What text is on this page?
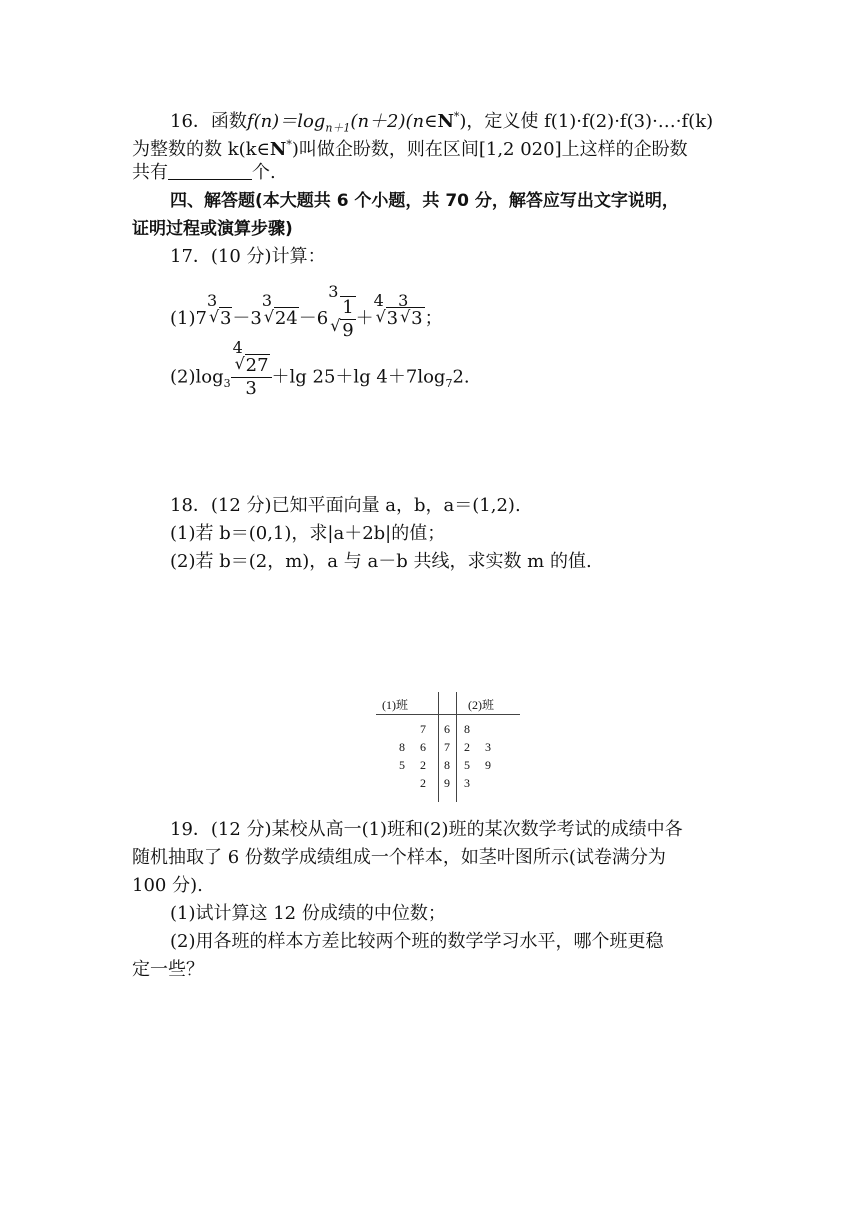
16．函数$f(n)=\log_{n+1}(n+2)(n\in N^*)$，定义使 f(1)·f(2)·f(3)·…·f(k)
为整数的数 k(k∈N*)叫做企盼数，则在区间[1,2 020]上这样的企盼数
共有	个.
四、解答题(本大题共 6 个小题，共 70 分，解答应写出文字说明，
证明过程或演算步骤)
17．(10 分)计算：
(1)7
3
√ 3－3
3
√ 24－6
3
√ $\frac{1}{9}$ ＋
4
√ 3
3
√ 3 ；
$(2)\log_3$ 4
√ 27
3 ＋lg 25＋lg $4+7\log_72$.
18．(12 分)已知平面向量 a，b，a＝(1,2).
(1)若 b＝(0,1)，求|a＋2b|的值；
(2)若 b＝(2，m)，a 与 a－b 共线，求实数 m 的值.
(1)班	(2)班
7 6 8
8 6 7 2 3
5 2 8 5 9
2 9 3
19．(12 分)某校从高一(1)班和(2)班的某次数学考试的成绩中各
随机抽取了 6 份数学成绩组成一个样本，如茎叶图所示(试卷满分为
100 分).
(1)试计算这 12 份成绩的中位数；
(2)用各班的样本方差比较两个班的数学学习水平，哪个班更稳
定一些？
